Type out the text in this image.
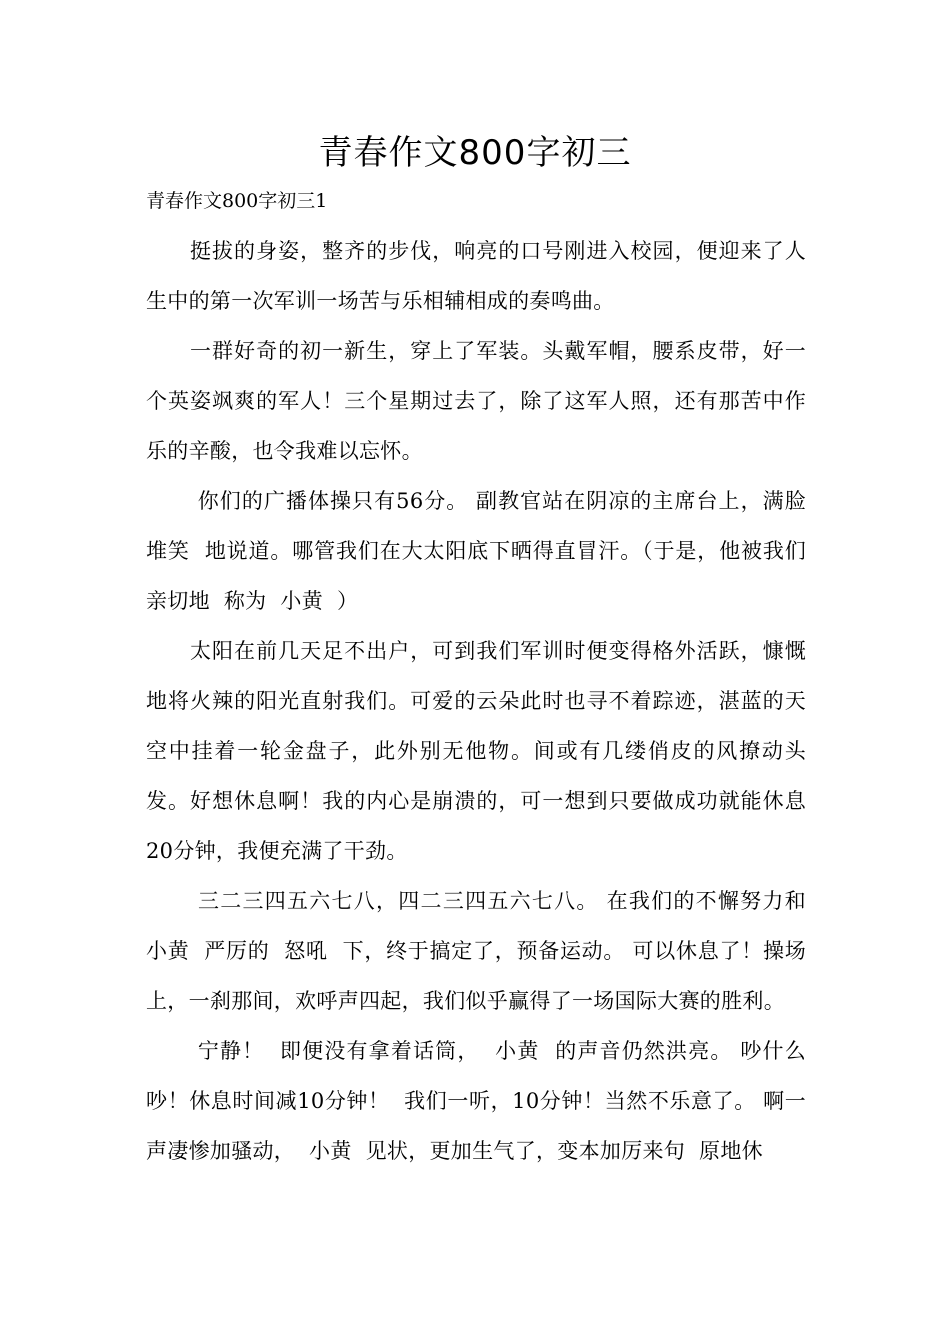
青春作文800字初三

青春作文800字初三1

挺拔的身姿，整齐的步伐，响亮的口号刚进入校园，便迎来了人生中的第一次军训一场苦与乐相辅相成的奏鸣曲。

一群好奇的初一新生，穿上了军装。头戴军帽，腰系皮带，好一个英姿飒爽的军人！三个星期过去了，除了这军人照，还有那苦中作乐的辛酸，也令我难以忘怀。

你们的广播体操只有56分。 副教官站在阴凉的主席台上，满脸  堆笑  地说道。哪管我们在大太阳底下晒得直冒汗。（于是，他被我们  亲切地  称为  小黄  ）

太阳在前几天足不出户，可到我们军训时便变得格外活跃，慷慨地将火辣的阳光直射我们。可爱的云朵此时也寻不着踪迹，湛蓝的天空中挂着一轮金盘子，此外别无他物。间或有几缕俏皮的风撩动头发。好想休息啊！我的内心是崩溃的，可一想到只要做成功就能休息20分钟，我便充满了干劲。

三二三四五六七八，四二三四五六七八。 在我们的不懈努力和  小黄  严厉的  怒吼  下，终于搞定了，预备运动。 可以休息了！操场上，一刹那间，欢呼声四起，我们似乎赢得了一场国际大赛的胜利。

宁静！  即便没有拿着话筒，  小黄  的声音仍然洪亮。 吵什么吵！休息时间减10分钟！  我们一听，10分钟！当然不乐意了。 啊一声凄惨加骚动，  小黄  见状，更加生气了，变本加厉来句  原地休
